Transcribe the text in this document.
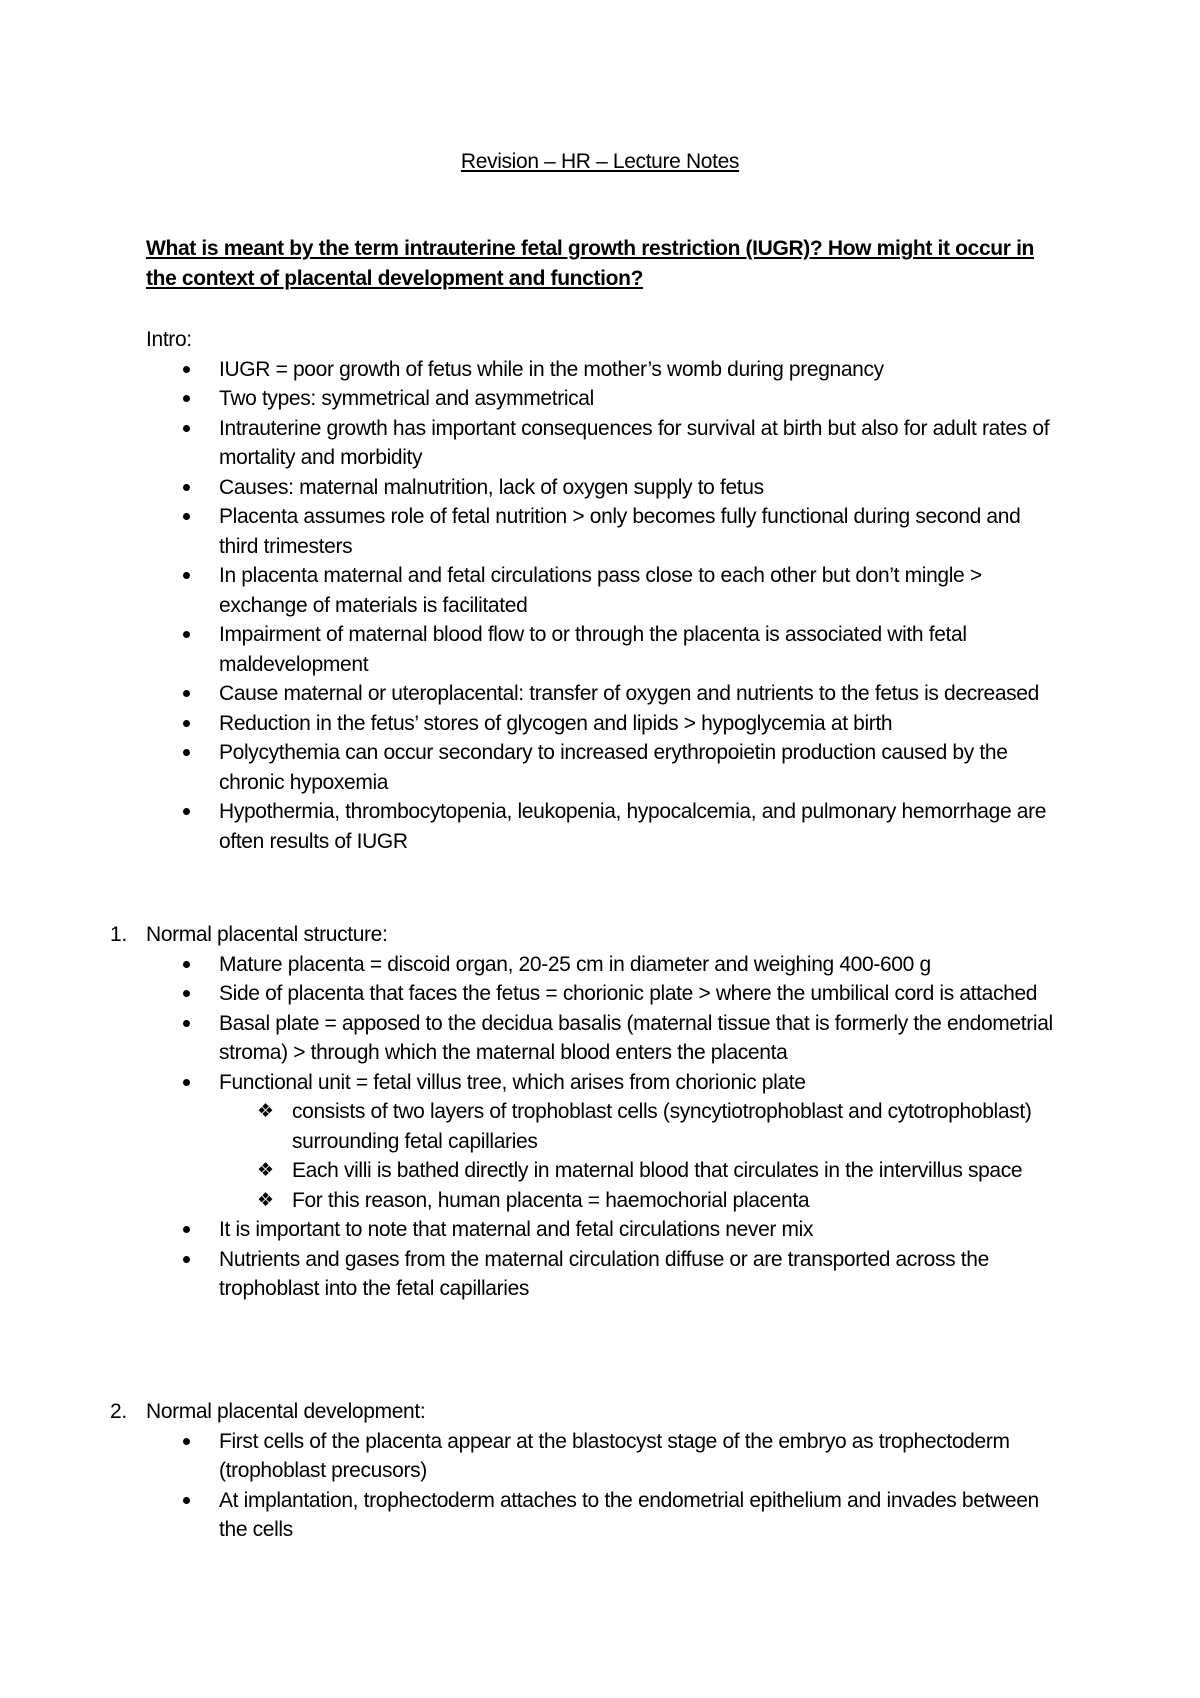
Revision – HR – Lecture Notes
What is meant by the term intrauterine fetal growth restriction (IUGR)? How might it occur in the context of placental development and function?
Intro:
IUGR = poor growth of fetus while in the mother’s womb during pregnancy
Two types: symmetrical and asymmetrical
Intrauterine growth has important consequences for survival at birth but also for adult rates of mortality and morbidity
Causes: maternal malnutrition, lack of oxygen supply to fetus
Placenta assumes role of fetal nutrition > only becomes fully functional during second and third trimesters
In placenta maternal and fetal circulations pass close to each other but don’t mingle > exchange of materials is facilitated
Impairment of maternal blood flow to or through the placenta is associated with fetal maldevelopment
Cause maternal or uteroplacental: transfer of oxygen and nutrients to the fetus is decreased
Reduction in the fetus’ stores of glycogen and lipids > hypoglycemia at birth
Polycythemia can occur secondary to increased erythropoietin production caused by the chronic hypoxemia
Hypothermia, thrombocytopenia, leukopenia, hypocalcemia, and pulmonary hemorrhage are often results of IUGR
1. Normal placental structure:
Mature placenta = discoid organ, 20-25 cm in diameter and weighing 400-600 g
Side of placenta that faces the fetus = chorionic plate > where the umbilical cord is attached
Basal plate = apposed to the decidua basalis (maternal tissue that is formerly the endometrial stroma) > through which the maternal blood enters the placenta
Functional unit = fetal villus tree, which arises from chorionic plate
❖ consists of two layers of trophoblast cells (syncytiotrophoblast and cytotrophoblast) surrounding fetal capillaries
❖ Each villi is bathed directly in maternal blood that circulates in the intervillus space
❖ For this reason, human placenta = haemochorial placenta
It is important to note that maternal and fetal circulations never mix
Nutrients and gases from the maternal circulation diffuse or are transported across the trophoblast into the fetal capillaries
2. Normal placental development:
First cells of the placenta appear at the blastocyst stage of the embryo as trophectoderm (trophoblast precusors)
At implantation, trophectoderm attaches to the endometrial epithelium and invades between the cells
